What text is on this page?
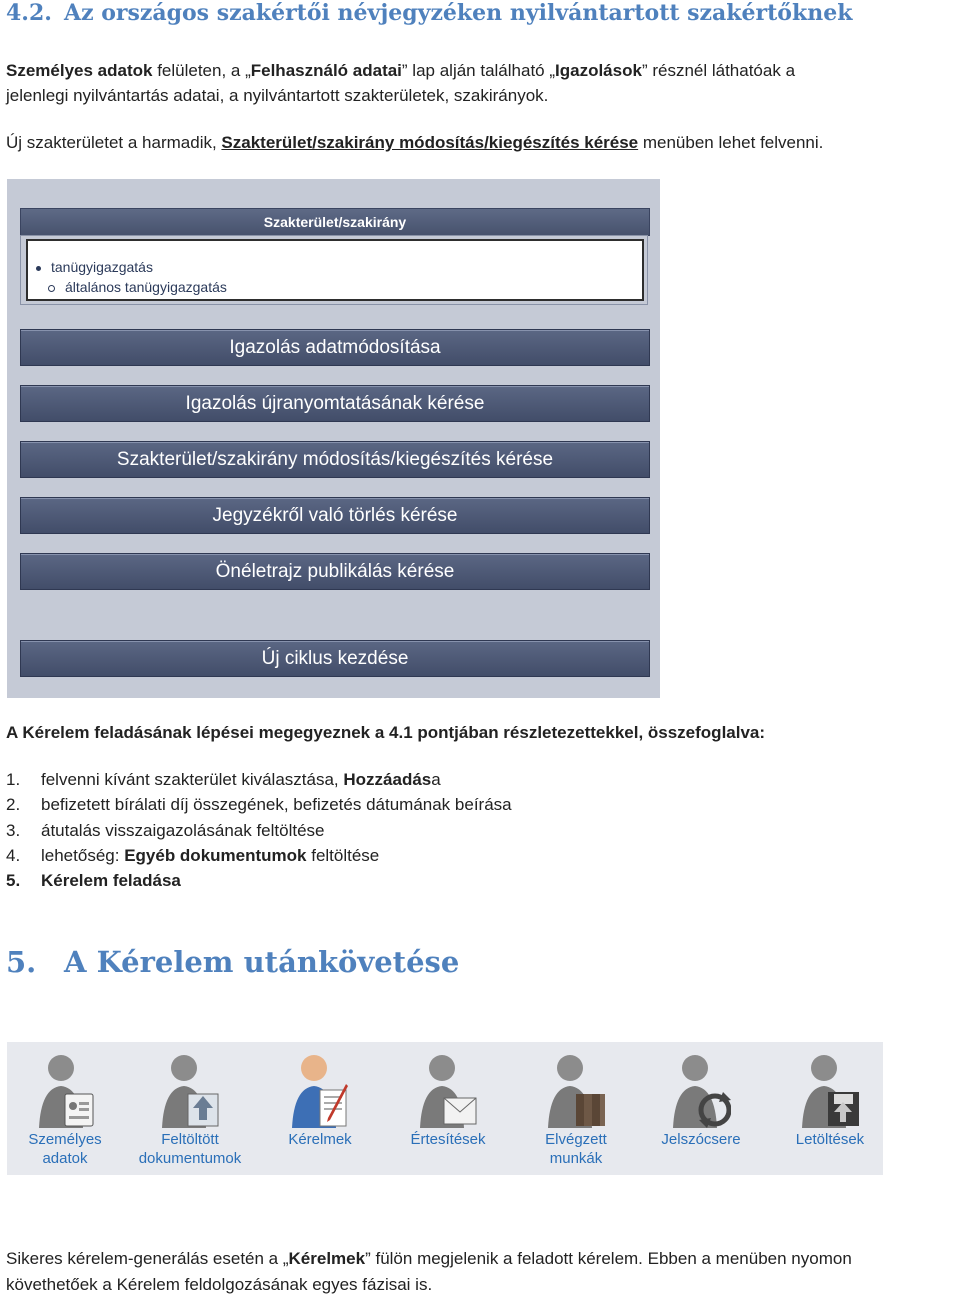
4.2. Az országos szakértői névjegyzéken nyilvántartott szakértőknek
Személyes adatok felületen, a „Felhasználó adatai” lap alján található „Igazolások” résznél láthatóak a
jelenlegi nyilvántartás adatai, a nyilvántartott szakterületek, szakirányok.
Új szakterületet a harmadik, Szakterület/szakirány módosítás/kiegészítés kérése menüben lehet felvenni.
Szakterület/szakirány
tanügyigazgatás
általános tanügyigazgatás
Igazolás adatmódosítása
Igazolás újranyomtatásának kérése
Szakterület/szakirány módosítás/kiegészítés kérése
Jegyzékről való törlés kérése
Önéletrajz publikálás kérése
Új ciklus kezdése
A Kérelem feladásának lépései megegyeznek a 4.1 pontjában részletezettekkel, összefoglalva:
1. felvenni kívánt szakterület kiválasztása, Hozzáadása
2. befizetett bírálati díj összegének, befizetés dátumának beírása
3. átutalás visszaigazolásának feltöltése
4. lehetőség: Egyéb dokumentumok feltöltése
5. Kérelem feladása
5. A Kérelem utánkövetése
Személyes
adatok
Feltöltött
dokumentumok
Kérelmek	Értesítések	Elvégzett
munkák
Jelszócsere	Letöltések

Sikeres kérelem-generálás esetén a „Kérelmek” fülön megjelenik a feladott kérelem. Ebben a menüben nyomon
követhetőek a Kérelem feldolgozásának egyes fázisai is.
